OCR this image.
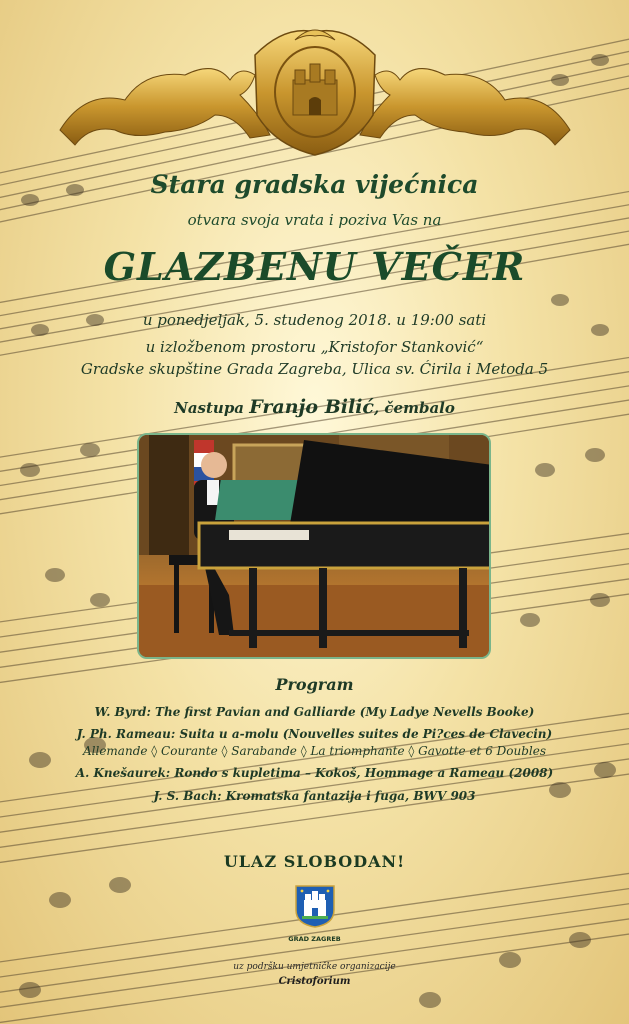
Stara gradska vijećnica
otvara svoja vrata i poziva Vas na
GLAZBENU VEČER
u ponedjeljak, 5. studenog 2018. u 19:00 sati
u izložbenom prostoru „Kristofor Stanković“
Gradske skupštine Grada Zagreba, Ulica sv. Ćirila i Metoda 5
Nastupa Franjo Bilić, čembalo
Program
W. Byrd: The first Pavian and Galliarde (My Ladye Nevells Booke)
J. Ph. Rameau: Suita u a-molu (Nouvelles suites de Pi?ces de Clavecin)
Allemande ◊ Courante ◊ Sarabande ◊ La triomphante ◊ Gavotte et 6 Doubles
A. Knešaurek: Rondo s kupletima – Kokoš, Hommage a Rameau (2008)
J. S. Bach: Kromatska fantazija i fuga, BWV 903
ULAZ SLOBODAN!
GRAD ZAGREB
uz podršku umjetničke organizacije
Cristoforium
